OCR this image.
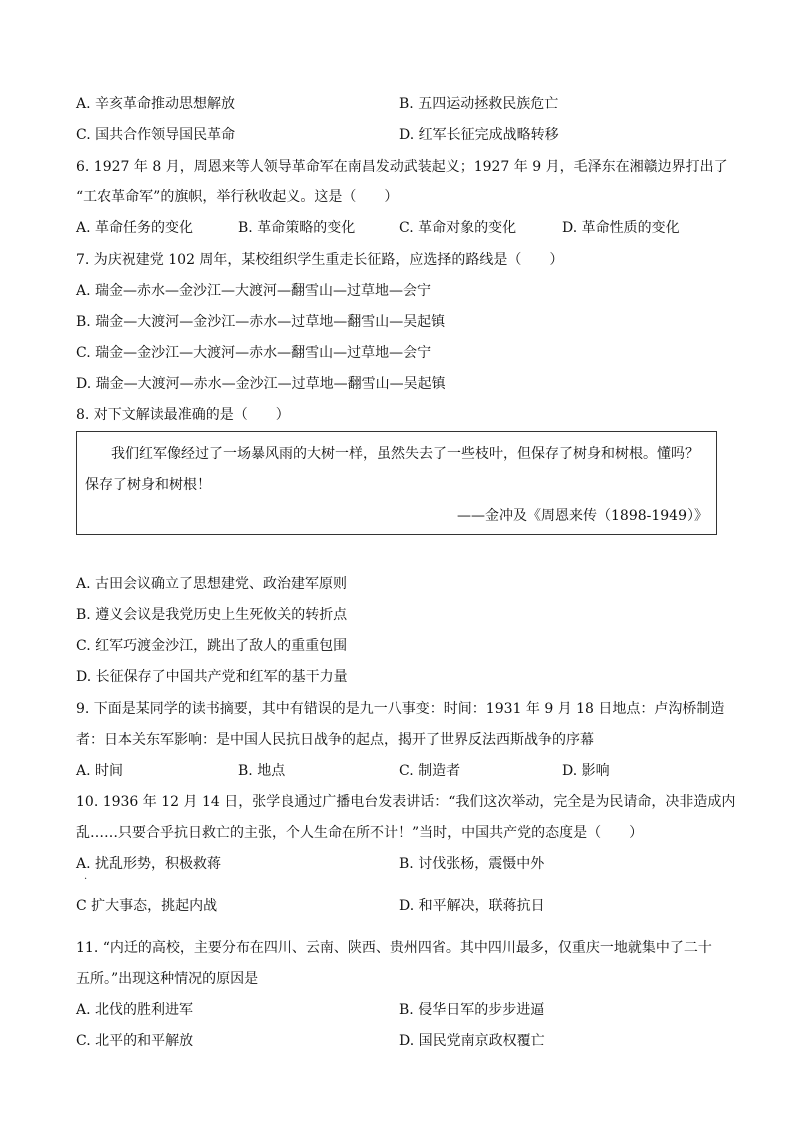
A. 辛亥革命推动思想解放	B. 五四运动拯救民族危亡
C. 国共合作领导国民革命	D. 红军长征完成战略转移
6. 1927 年 8 月，周恩来等人领导革命军在南昌发动武装起义；1927 年 9 月，毛泽东在湘赣边界打出了
“工农革命军”的旗帜，举行秋收起义。这是（　　）
A. 革命任务的变化	B. 革命策略的变化	C. 革命对象的变化	D. 革命性质的变化
7. 为庆祝建党 102 周年，某校组织学生重走长征路，应选择的路线是（　　）
A. 瑞金—赤水—金沙江—大渡河—翻雪山—过草地—会宁
B. 瑞金—大渡河—金沙江—赤水—过草地—翻雪山—吴起镇
C. 瑞金—金沙江—大渡河—赤水—翻雪山—过草地—会宁
D. 瑞金—大渡河—赤水—金沙江—过草地—翻雪山—吴起镇
8. 对下文解读最准确的是（　　）
我们红军像经过了一场暴风雨的大树一样，虽然失去了一些枝叶，但保存了树身和树根。懂吗？
保存了树身和树根！
——金冲及《周恩来传（1898-1949）》
A. 古田会议确立了思想建党、政治建军原则
B. 遵义会议是我党历史上生死攸关的转折点
C. 红军巧渡金沙江，跳出了敌人的重重包围
D. 长征保存了中国共产党和红军的基干力量
9. 下面是某同学的读书摘要，其中有错误的是九一八事变：时间：1931 年 9 月 18 日地点：卢沟桥制造
者：日本关东军影响：是中国人民抗日战争的起点，揭开了世界反法西斯战争的序幕
A. 时间	B. 地点	C. 制造者	D. 影响
10. 1936 年 12 月 14 日，张学良通过广播电台发表讲话：“我们这次举动，完全是为民请命，决非造成内
乱……只要合乎抗日救亡的主张，个人生命在所不计！”当时，中国共产党的态度是（　　）
A. 扰乱形势，积极救蒋	B. 讨伐张杨，震慑中外
·
C 扩大事态，挑起内战	D. 和平解决，联蒋抗日
11. “内迁的高校，主要分布在四川、云南、陕西、贵州四省。其中四川最多，仅重庆一地就集中了二十
五所。”出现这种情况的原因是
A. 北伐的胜利进军	B. 侵华日军的步步进逼
C. 北平的和平解放	D. 国民党南京政权覆亡
